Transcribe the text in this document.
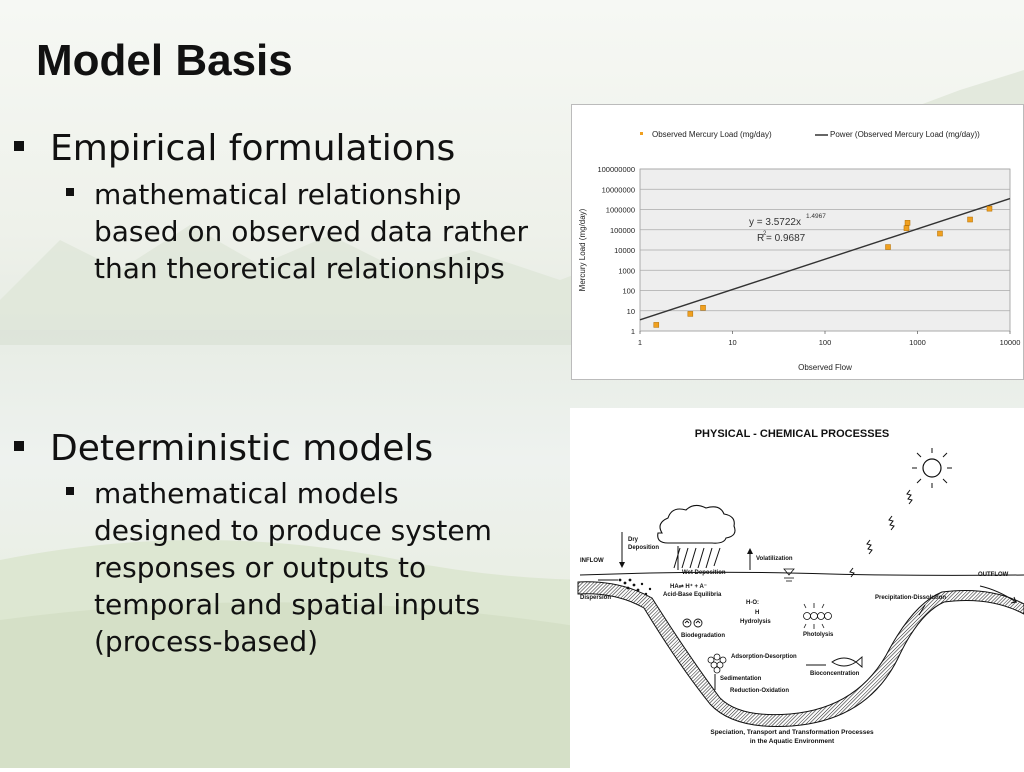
Model Basis
Empirical formulations
mathematical relationship based on observed data rather than theoretical relationships
Deterministic models
mathematical models designed to produce system responses or outputs to temporal and spatial inputs (process-based)
1
10
100
1000
10000
100000
1000000
10000000
100000000
1	10	100	1000	10000
Observed Mercury Load (mg/day)	Power (Observed Mercury Load (mg/day))
y = 3.5722x
1.4967
R
2 = 0.9687
Observed Flow
Mercury Load (mg/day)
PHYSICAL - CHEMICAL PROCESSES
Dry
Deposition
Wet Deposition
Volatilization
INFLOW
OUTFLOW
Dispersion
HA⇌ H⁺ + A⁻
Acid-Base Equilibria
H-O:
H
Hydrolysis
Photolysis
Precipitation-Dissolution
Biodegradation
Adsorption-Desorption
Sedimentation
Bioconcentration
Reduction-Oxidation
Speciation, Transport and Transformation Processes
in the Aquatic Environment
